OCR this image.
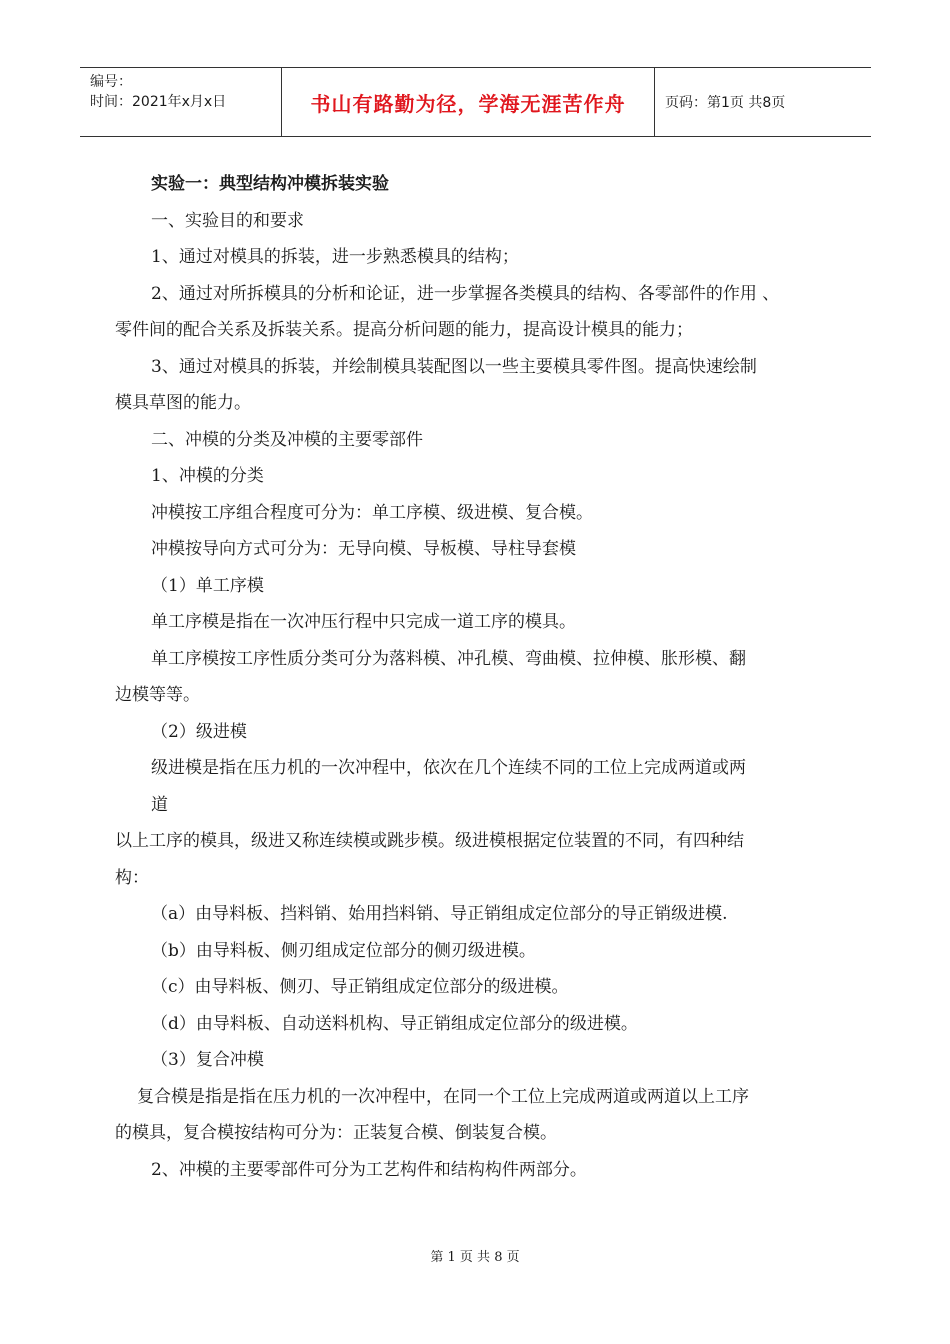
编号：
时间：2021年x月x日	书山有路勤为径，学海无涯苦作舟	页码：第1页 共8页

实验一：典型结构冲模拆装实验

一、实验目的和要求

1、通过对模具的拆装，进一步熟悉模具的结构；

2、通过对所拆模具的分析和论证，进一步掌握各类模具的结构、各零部件的作用 、

零件间的配合关系及拆装关系。提高分析问题的能力，提高设计模具的能力；

3、通过对模具的拆装，并绘制模具装配图以一些主要模具零件图。提高快速绘制

模具草图的能力。

二、冲模的分类及冲模的主要零部件

1、冲模的分类

冲模按工序组合程度可分为：单工序模、级进模、复合模。

冲模按导向方式可分为：无导向模、导板模、导柱导套模

（1）单工序模

单工序模是指在一次冲压行程中只完成一道工序的模具。

单工序模按工序性质分类可分为落料模、冲孔模、弯曲模、拉伸模、胀形模、翻

边模等等。

（2）级进模

级进模是指在压力机的一次冲程中，依次在几个连续不同的工位上完成两道或两

道

以上工序的模具，级进又称连续模或跳步模。级进模根据定位装置的不同，有四种结

构：

（a）由导料板、挡料销、始用挡料销、导正销组成定位部分的导正销级进模.

（b）由导料板、侧刃组成定位部分的侧刃级进模。

（c）由导料板、侧刃、导正销组成定位部分的级进模。

（d）由导料板、自动送料机构、导正销组成定位部分的级进模。

（3）复合冲模

复合模是指是指在压力机的一次冲程中，在同一个工位上完成两道或两道以上工序

的模具，复合模按结构可分为：正装复合模、倒装复合模。

2、冲模的主要零部件可分为工艺构件和结构构件两部分。

第 1 页 共 8 页
